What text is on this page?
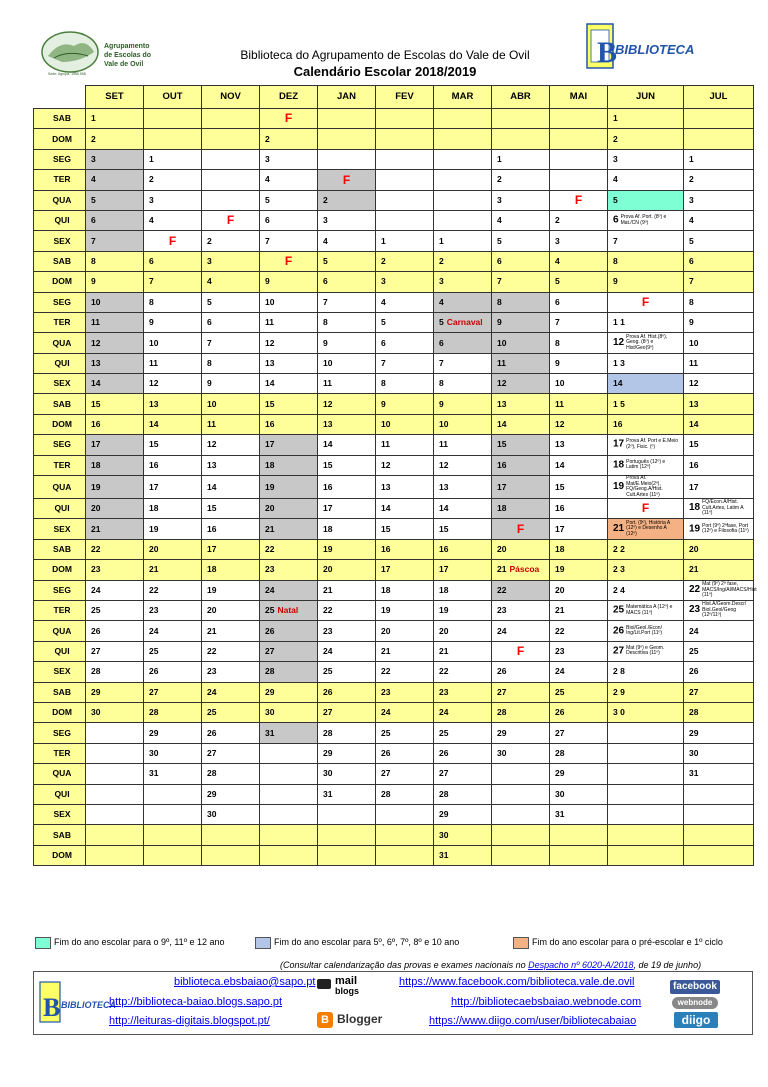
Agrupamento
de Escolas do
Vale de Ovil
Sede: Agrupa. 1558 558
B
BIBLIOTECA
Biblioteca do Agrupamento de Escolas do Vale de Ovil
Calendário Escolar 2018/2019
	SET	OUT	NOV	DEZ	JAN	FEV	MAR	ABR	MAI	JUN	JUL
SAB	1			F						1	
DOM	2			2						2	
SEG	3	1		3				1		3	1
TER	4	2		4	F			2		4	2
QUA	5	3		5	2			3	F	5	3
QUI	6	4	F	6	3			4	2	6 Prova Af. Port. (8º) e Mat./CN (9º)	4
SEX	7	F	2	7	4	1	1	5	3	7	5
SAB	8	6	3	F	5	2	2	6	4	8	6
DOM	9	7	4	9	6	3	3	7	5	9	7
SEG	10	8	5	10	7	4	4	8	6	F	8
TER	11	9	6	11	8	5	5 Carnaval	9	7	1 1	9
QUA	12	10	7	12	9	6	6	10	8	12 Prova Af. Hist.(8º), Geog. (8º) e Hist/Geo(9º)	10
QUI	13	11	8	13	10	7	7	11	9	1 3	11
SEX	14	12	9	14	11	8	8	12	10	14	12
SAB	15	13	10	15	12	9	9	13	11	1 5	13
DOM	16	14	11	16	13	10	10	14	12	16	14
SEG	17	15	12	17	14	11	11	15	13	17 Prova Af. Port e E.Meio (2º), Fisic. (º)	15
TER	18	16	13	18	15	12	12	16	14	18 Português (12º) e Latim (12º)	16
QUA	19	17	14	19	16	13	13	17	15	19Prova Af. Mat/E.Meio(2º), FQ/Geog.A/Hist. Cult.Artes (11º)	17
QUI	20	18	15	20	17	14	14	18	16	F	18 FQ/Econ.A/Hist. Cult.Artes, Latim A (11º)
SEX	21	19	16	21	18	15	15	F	17	21 Port. (9º), História A (12º) e Desenho A (12º)	19 Port (9º) 2ªfase, Port (12º) e Filosofia (11º)
SAB	22	20	17	22	19	16	16	20	18	2 2	20
DOM	23	21	18	23	20	17	17	21 Páscoa	19	2 3	21
SEG	24	22	19	24	21	18	18	22	20	2 4	22 Mat (9º) 2ª fase, MACS/Ing/Al/MACS/Hist (11º)
TER	25	23	20	25 Natal	22	19	19	23	21	25 Matemática A (12º) e MACS (11º)	23 Hist.A/Geom.Descr/ Biol.Geol/Geog (12º/11º)
QUA	26	24	21	26	23	20	20	24	22	26 Biol/Geol./Econ/ Ing/Lit.Port (11º)	24
QUI	27	25	22	27	24	21	21	F	23	27 Mat (9º) e Geom. Descritiva (11º)	25
SEX	28	26	23	28	25	22	22	26	24	2 8	26
SAB	29	27	24	29	26	23	23	27	25	2 9	27
DOM	30	28	25	30	27	24	24	28	26	3 0	28
SEG		29	26	31	28	25	25	29	27		29
TER		30	27		29	26	26	30	28		30
QUA		31	28		30	27	27		29		31
QUI			29		31	28	28		30		
SEX			30				29		31		
SAB							30				
DOM							31				
Fim do ano escolar para o 9º, 11º e 12 ano	Fim do ano escolar para 5º, 6º, 7º, 8º e 10 ano	Fim do ano escolar para o pré-escolar e 1º ciclo
(Consultar calendarização das provas e exames nacionais no Despacho nº 6020-A/2018, de 19 de junho)
B BIBLIOTECA
biblioteca.ebsbaiao@sapo.pt
http://biblioteca-baiao.blogs.sapo.pt
http://leituras-digitais.blogspot.pt/
mail
blogs
B Blogger
https://www.facebook.com/biblioteca.vale.de.ovil
http://bibliotecaebsbaiao.webnode.com
https://www.diigo.com/user/bibliotecabaiao
facebook
webnode
diigo
